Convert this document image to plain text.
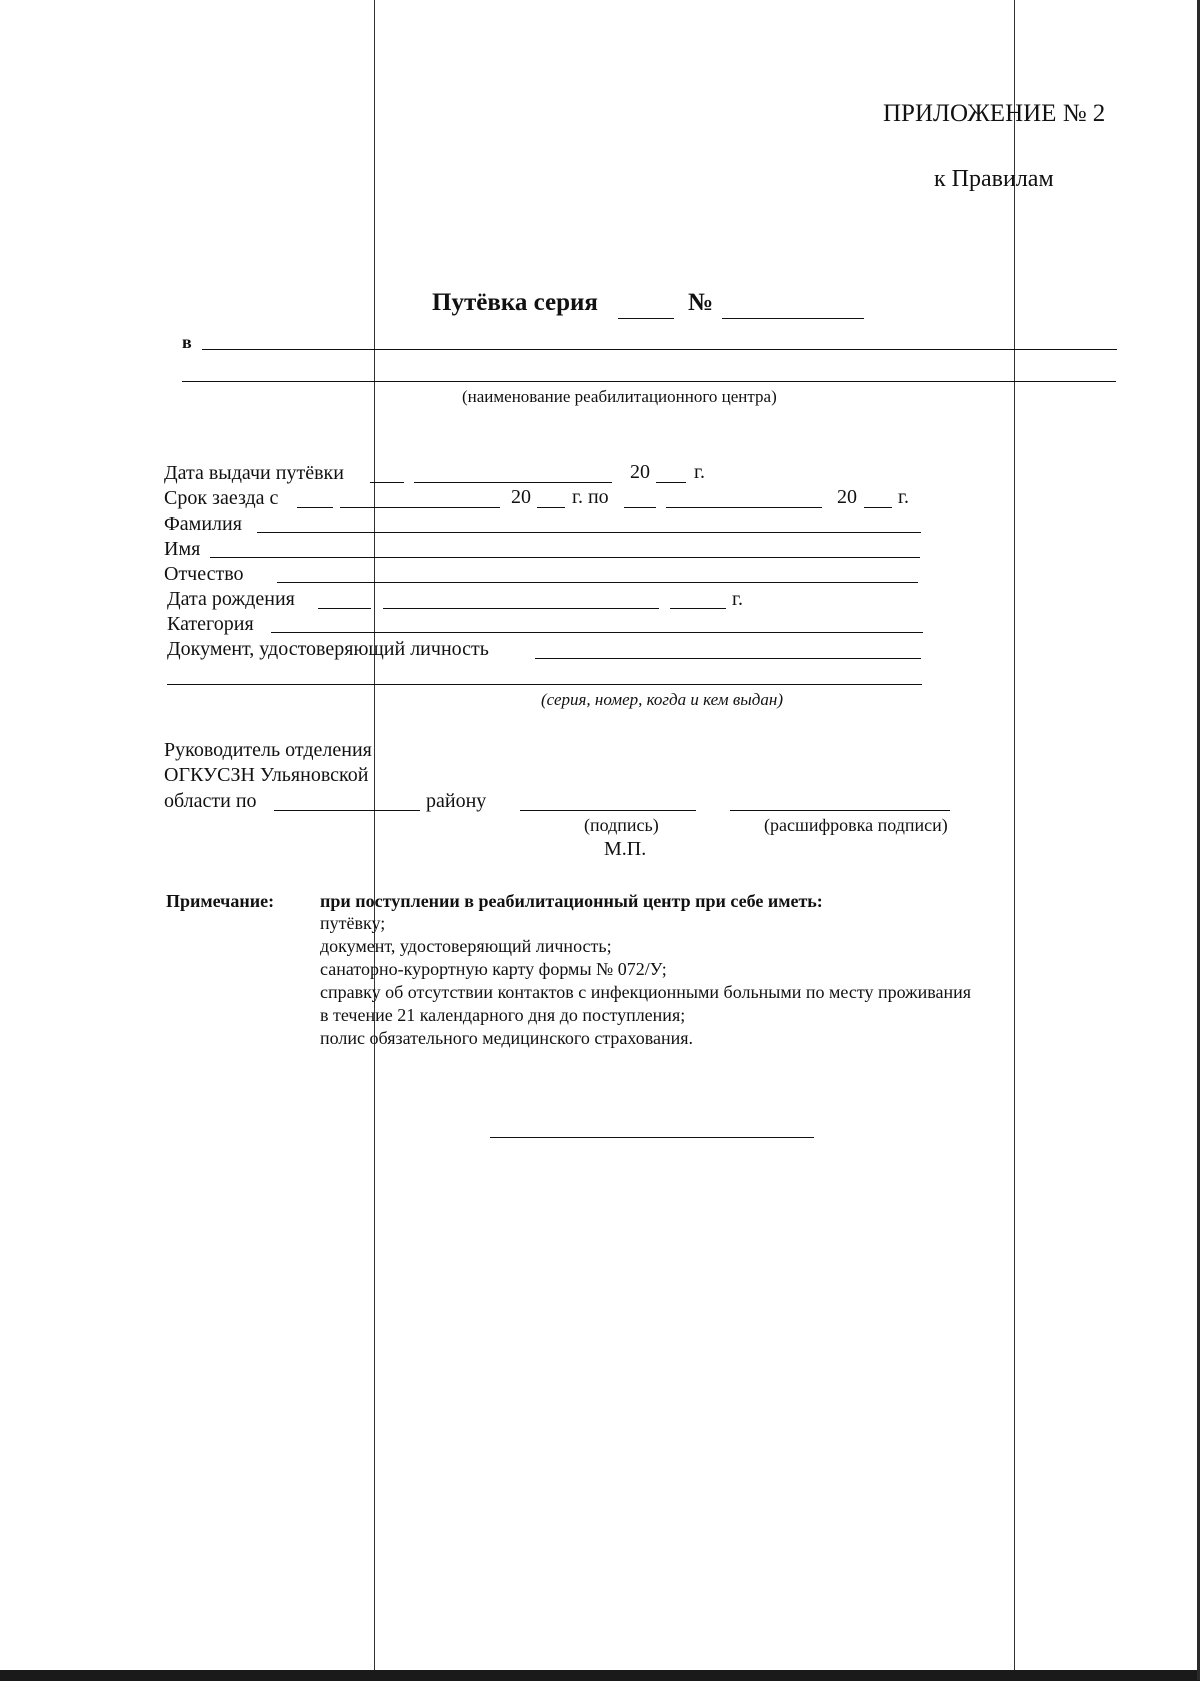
ПРИЛОЖЕНИЕ № 2
к Правилам
Путёвка серия	№
в
(наименование реабилитационного центра)
Дата выдачи путёвки	20 г.
Срок заезда с	20 г. по	20 г.
Фамилия
Имя
Отчество
Дата рождения	г.
Категория
Документ, удостоверяющий личность
(серия, номер, когда и кем выдан)
Руководитель отделения
ОГКУСЗН Ульяновской
области по	району
(подпись)	(расшифровка подписи)
М.П.
Примечание:	при поступлении в реабилитационный центр при себе иметь:
путёвку;
документ, удостоверяющий личность;
санаторно-курортную карту формы № 072/У;
справку об отсутствии контактов с инфекционными больными по месту проживания
в течение 21 календарного дня до поступления;
полис обязательного медицинского страхования.
